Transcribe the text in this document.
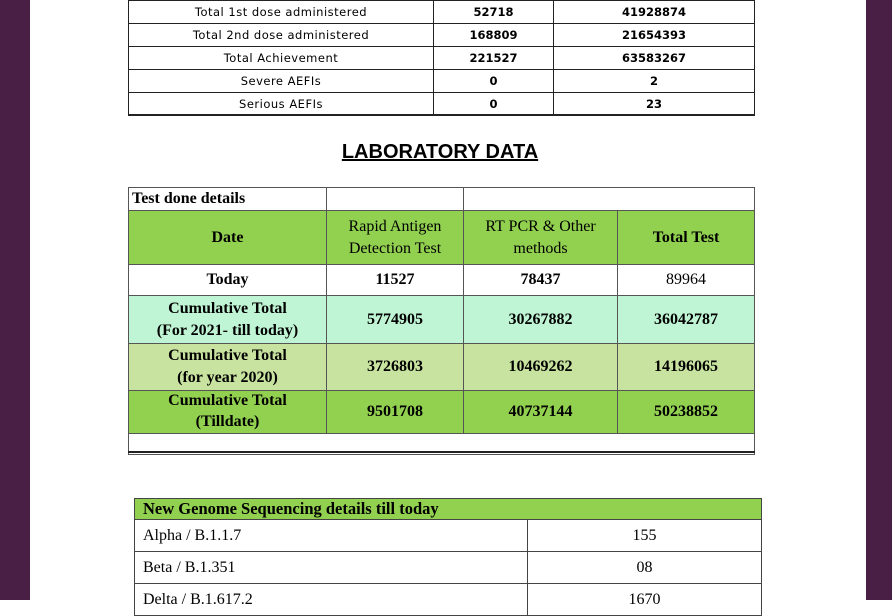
Total 1st dose administered	52718	41928874
Total 2nd dose administered	168809	21654393
Total Achievement	221527	63583267
Severe AEFIs	0	2
Serious AEFIs	0	23
LABORATORY DATA
Test done details			
Date	Rapid Antigen Detection Test	RT PCR & Other methods	Total Test
Today	11527	78437	89964

Cumulative Total
(For 2021- till today)	5774905	30267882	36042787

Cumulative Total
(for year 2020)	3726803	10469262	14196065

Cumulative Total
(Tilldate)	9501708	40737144	50238852

New Genome Sequencing details till today	
Alpha / B.1.1.7	155
Beta / B.1.351	08
Delta / B.1.617.2	1670
